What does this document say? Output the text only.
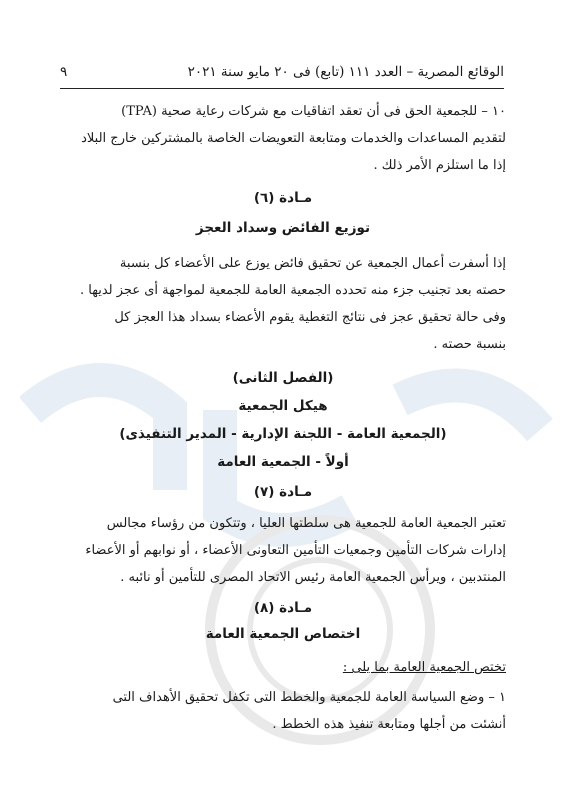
الوقائع المصرية – العدد ١١١ (تابع) فى ٢٠ مايو سنة ٢٠٢١
٩
١٠ – للجمعية الحق فى أن تعقد اتفاقيات مع شركات رعاية صحية (TPA)
لتقديم المساعدات والخدمات ومتابعة التعويضات الخاصة بالمشتركين خارج البلاد
إذا ما استلزم الأمر ذلك .
مـادة (٦)
توزيع الفائض وسداد العجز
إذا أسفرت أعمال الجمعية عن تحقيق فائض يوزع على الأعضاء كل بنسبة
حصته بعد تجنيب جزء منه تحدده الجمعية العامة للجمعية لمواجهة أى عجز لديها .
وفى حالة تحقيق عجز فى نتائج التغطية يقوم الأعضاء بسداد هذا العجز كل
بنسبة حصته .
(الفصل الثانى)
هيكل الجمعية
(الجمعية العامة - اللجنة الإدارية - المدير التنفيذى)
أولاً - الجمعية العامة
مـادة (٧)
تعتبر الجمعية العامة للجمعية هى سلطتها العليا ، وتتكون من رؤساء مجالس
إدارات شركات التأمين وجمعيات التأمين التعاونى الأعضاء ، أو نوابهم أو الأعضاء
المنتدبين ، ويرأس الجمعية العامة رئيس الاتحاد المصرى للتأمين أو نائبه .
مـادة (٨)
اختصاص الجمعية العامة
تختص الجمعية العامة بما يلى :
١ – وضع السياسة العامة للجمعية والخطط التى تكفل تحقيق الأهداف التى
أنشئت من أجلها ومتابعة تنفيذ هذه الخطط .
